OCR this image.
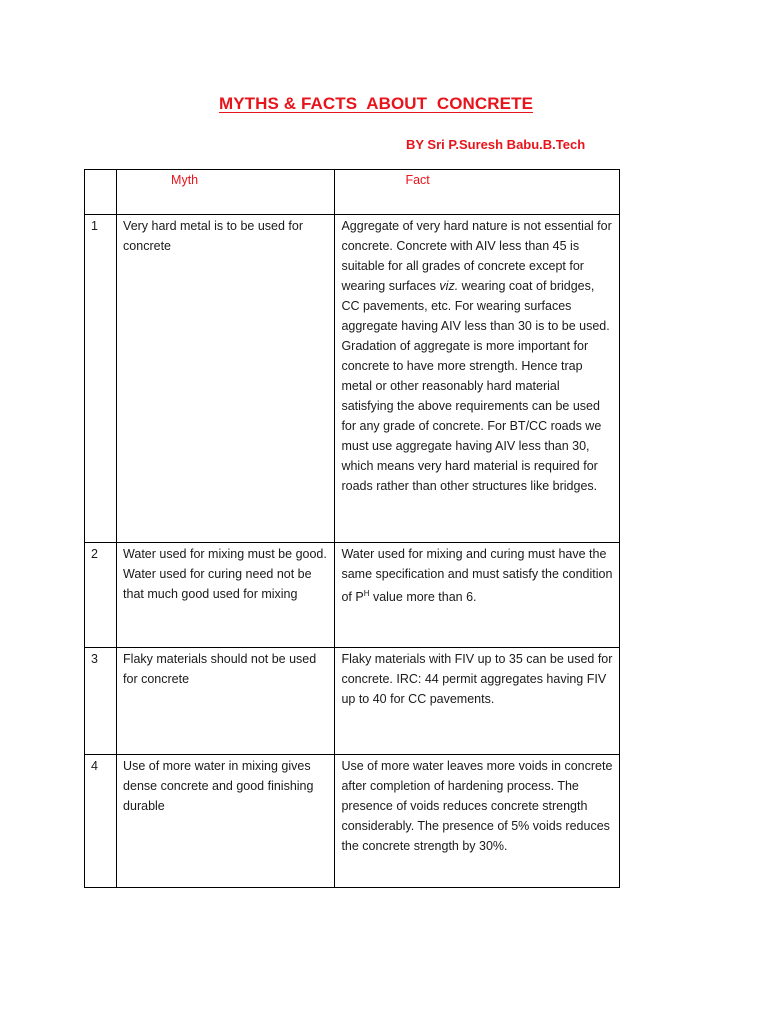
MYTHS & FACTS  ABOUT  CONCRETE
BY Sri P.Suresh Babu.B.Tech

	Myth	Fact

1	Very hard metal is to be used for concrete	Aggregate of very hard nature is not essential for concrete. Concrete with AIV less than 45 is suitable for all grades of concrete except for wearing surfaces viz. wearing coat of bridges, CC pavements, etc. For wearing surfaces aggregate having AIV less than 30 is to be used. Gradation of aggregate is more important for concrete to have more strength. Hence trap metal or other reasonably hard material satisfying the above requirements can be used for any grade of concrete. For BT/CC roads we must use aggregate having AIV less than 30, which means very hard material is required for roads rather than other structures like bridges.

2	Water used for mixing must be good. Water used for curing need not be that much good used for mixing	Water used for mixing and curing must have the same specification and must satisfy the condition of $P^H$ value more than 6.

3	Flaky materials should not be used for concrete	Flaky materials with FIV up to 35 can be used for concrete. IRC: 44 permit aggregates having FIV up to 40 for CC pavements.

4	Use of more water in mixing gives dense concrete and good finishing durable	Use of more water leaves more voids in concrete after completion of hardening process. The presence of voids reduces concrete strength considerably. The presence of 5% voids reduces the concrete strength by 30%.
